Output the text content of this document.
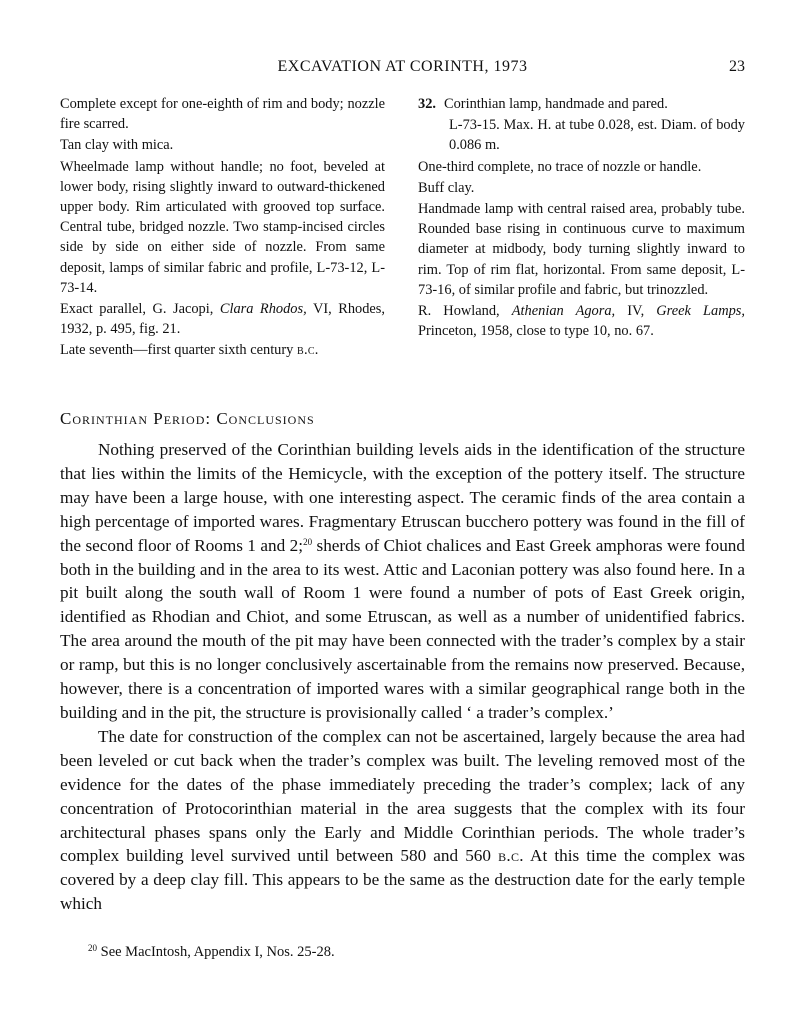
EXCAVATION AT CORINTH, 1973	23

Complete except for one-eighth of rim and body; nozzle fire scarred.

Tan clay with mica.

Wheelmade lamp without handle; no foot, beveled at lower body, rising slightly inward to outward-thickened upper body. Rim articulated with grooved top surface. Central tube, bridged nozzle. Two stamp-incised circles side by side on either side of nozzle. From same deposit, lamps of similar fabric and profile, L-73-12, L-73-14.

Exact parallel, G. Jacopi, Clara Rhodos, VI, Rhodes, 1932, p. 495, fig. 21.

Late seventh—first quarter sixth century b.c.

32. Corinthian lamp, handmade and pared.

L-73-15. Max. H. at tube 0.028, est. Diam. of body 0.086 m.

One-third complete, no trace of nozzle or handle.

Buff clay.

Handmade lamp with central raised area, probably tube. Rounded base rising in continuous curve to maximum diameter at midbody, body turning slightly inward to rim. Top of rim flat, horizontal. From same deposit, L-73-16, of similar profile and fabric, but trinozzled.

R. Howland, Athenian Agora, IV, Greek Lamps, Princeton, 1958, close to type 10, no. 67.

Corinthian Period: Conclusions

Nothing preserved of the Corinthian building levels aids in the identification of the structure that lies within the limits of the Hemicycle, with the exception of the pottery itself. The structure may have been a large house, with one interesting aspect. The ceramic finds of the area contain a high percentage of imported wares. Fragmentary Etruscan bucchero pottery was found in the fill of the second floor of Rooms 1 and 2;$^{20}$ sherds of Chiot chalices and East Greek amphoras were found both in the building and in the area to its west. Attic and Laconian pottery was also found here. In a pit built along the south wall of Room 1 were found a number of pots of East Greek origin, identified as Rhodian and Chiot, and some Etruscan, as well as a number of unidentified fabrics. The area around the mouth of the pit may have been connected with the trader’s complex by a stair or ramp, but this is no longer conclusively ascertainable from the remains now preserved. Because, however, there is a concentration of imported wares with a similar geographical range both in the building and in the pit, the structure is provisionally called ‘ a trader’s complex.’

The date for construction of the complex can not be ascertained, largely because the area had been leveled or cut back when the trader’s complex was built. The leveling removed most of the evidence for the dates of the phase immediately preceding the trader’s complex; lack of any concentration of Protocorinthian material in the area suggests that the complex with its four architectural phases spans only the Early and Middle Corinthian periods. The whole trader’s complex building level survived until between 580 and 560 b.c. At this time the complex was covered by a deep clay fill. This appears to be the same as the destruction date for the early temple which

$^{20}$ See MacIntosh, Appendix I, Nos. 25-28.
